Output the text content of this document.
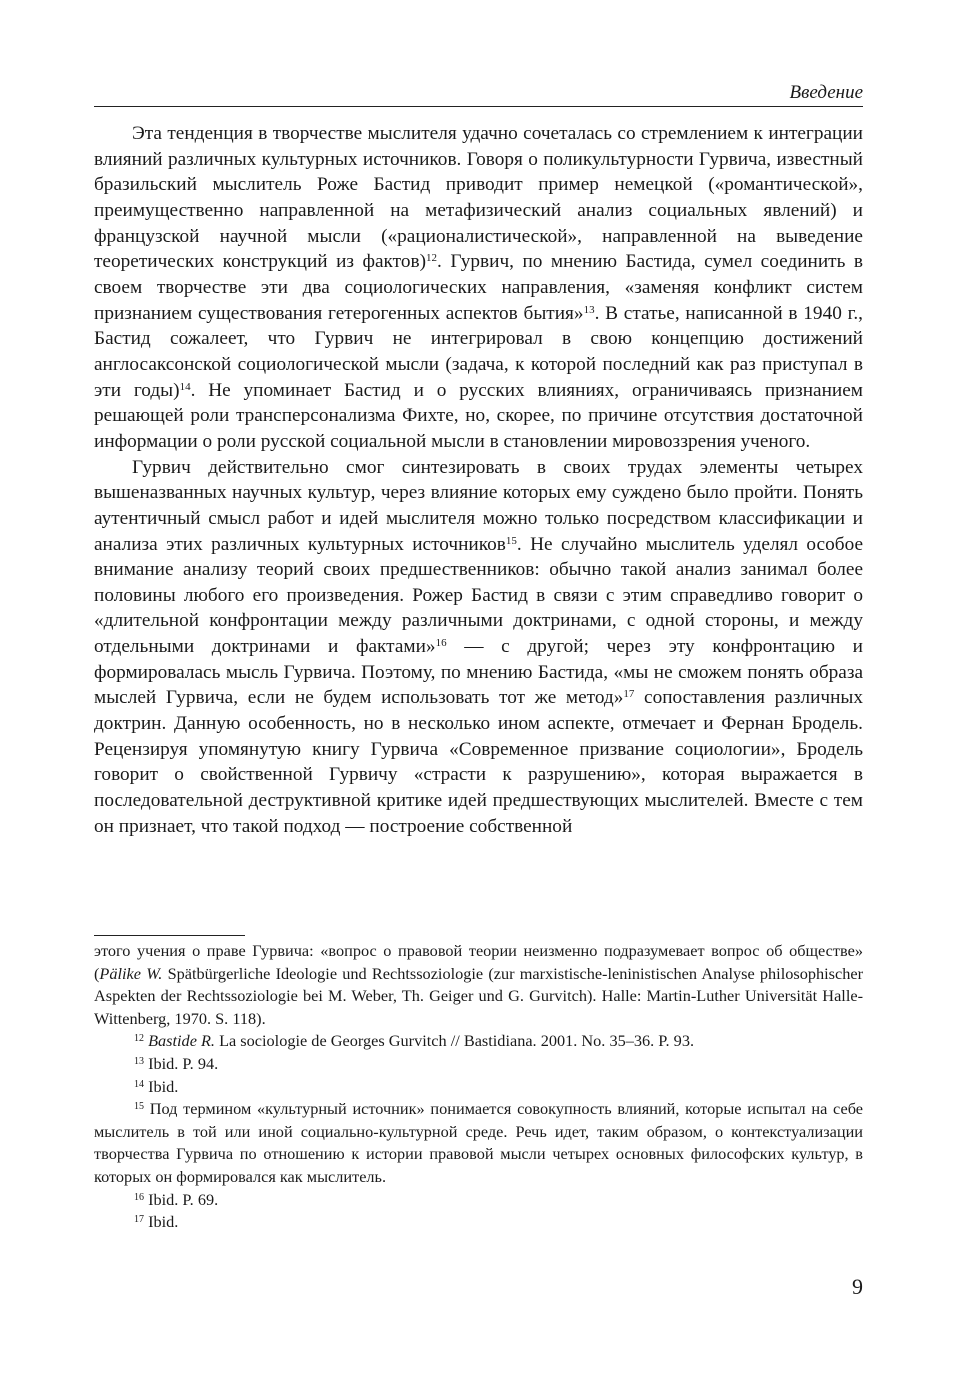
Введение

Эта тенденция в творчестве мыслителя удачно сочеталась со стремлением к интеграции влияний различных культурных источников. Говоря о поликультурности Гурвича, известный бразильский мыслитель Роже Бастид приводит пример немецкой («романтической», преимущественно направленной на метафизический анализ социальных явлений) и французской научной мысли («рационалистической», направленной на выведение теоретических конструкций из фактов)$^{12}$. Гурвич, по мнению Бастида, сумел соединить в своем творчестве эти два социологических направления, «заменяя конфликт систем признанием существования гетерогенных аспектов бытия»$^{13}$. В статье, написанной в 1940 г., Бастид сожалеет, что Гурвич не интегрировал в свою концепцию достижений англосаксонской социологической мысли (задача, к которой последний как раз приступал в эти годы)$^{14}$. Не упоминает Бастид и о русских влияниях, ограничиваясь признанием решающей роли трансперсонализма Фихте, но, скорее, по причине отсутствия достаточной информации о роли русской социальной мысли в становлении мировоззрения ученого.

Гурвич действительно смог синтезировать в своих трудах элементы четырех вышеназванных научных культур, через влияние которых ему суждено было пройти. Понять аутентичный смысл работ и идей мыслителя можно только посредством классификации и анализа этих различных культурных источников$^{15}$. Не случайно мыслитель уделял особое внимание анализу теорий своих предшественников: обычно такой анализ занимал более половины любого его произведения. Рожер Бастид в связи с этим справедливо говорит о «длительной конфронтации между различными доктринами, с одной стороны, и между отдельными доктринами и фактами»$^{16}$ — с другой; через эту конфронтацию и формировалась мысль Гурвича. Поэтому, по мнению Бастида, «мы не сможем понять образа мыслей Гурвича, если не будем использовать тот же метод»$^{17}$ сопоставления различных доктрин. Данную особенность, но в несколько ином аспекте, отмечает и Фернан Бродель. Рецензируя упомянутую книгу Гурвича «Современное призвание социологии», Бродель говорит о свойственной Гурвичу «страсти к разрушению», которая выражается в последовательной деструктивной критике идей предшествующих мыслителей. Вместе с тем он признает, что такой подход — построение собственной

этого учения о праве Гурвича: «вопрос о правовой теории неизменно подразумевает вопрос об обществе» (Pälike W. Spätbürgerliche Ideologie und Rechtssoziologie (zur marxistische-leninistischen Analyse philosophischer Aspekten der Rechtssoziologie bei M. Weber, Th. Geiger und G. Gurvitch). Halle: Martin-Luther Universität Halle-Wittenberg, 1970. S. 118).

$^{12}$ Bastide R. La sociologie de Georges Gurvitch // Bastidiana. 2001. No. 35–36. P. 93.

$^{13}$ Ibid. P. 94.

$^{14}$ Ibid.

$^{15}$ Под термином «культурный источник» понимается совокупность влияний, которые испытал на себе мыслитель в той или иной социально-культурной среде. Речь идет, таким образом, о контекстуализации творчества Гурвича по отношению к истории правовой мысли четырех основных философских культур, в которых он формировался как мыслитель.

$^{16}$ Ibid. P. 69.

$^{17}$ Ibid.

9
